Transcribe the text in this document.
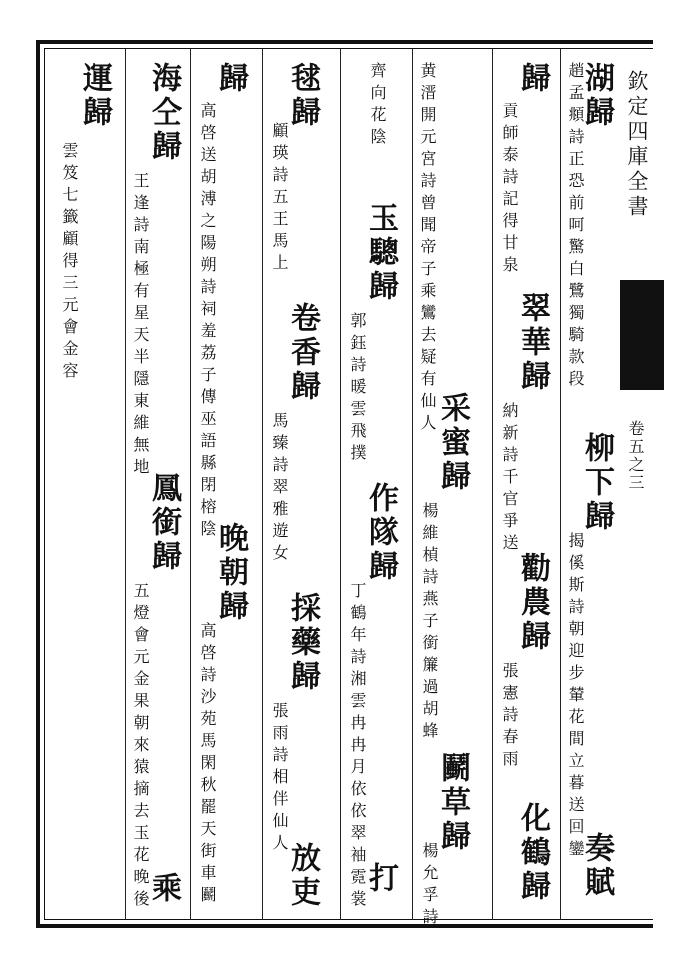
欽定四庫全書
卷五之三
湖歸
趙孟頫詩正恐前呵驚白鷺獨騎款段
柳下歸
揭傒斯詩朝迎步輦花間立暮送回鑾
奏賦
歸
貢師泰詩記得甘泉
翠華歸
納新詩千官爭送
勸農歸
張憲詩春雨
化鶴歸
黄溍開元宮詩曾聞帝子乘鸞去疑有仙人
采蜜歸
楊維楨詩燕子銜簾過胡蜂
鬬草歸
楊允孚詩
齊向花陰
玉驄歸
郭鈺詩暖雲飛撲
作隊歸
丁鶴年詩湘雲冉冉月依依翠袖霓裳
打
毬歸
顧瑛詩五王馬上
卷香歸
馬臻詩翠雅遊女
採藥歸
張雨詩相伴仙人
放吏
歸
高啓送胡溥之陽朔詩祠羞荔子傳巫語縣閉榕陰
晚朝歸
高啓詩沙苑馬閑秋罷天街車鬬
海仝歸
王逢詩南極有星天半隱東維無地
鳳銜歸
五燈會元金果朝來猿摘去玉花晚後
乘
運歸
雲笈七籤顧得三元會金容
